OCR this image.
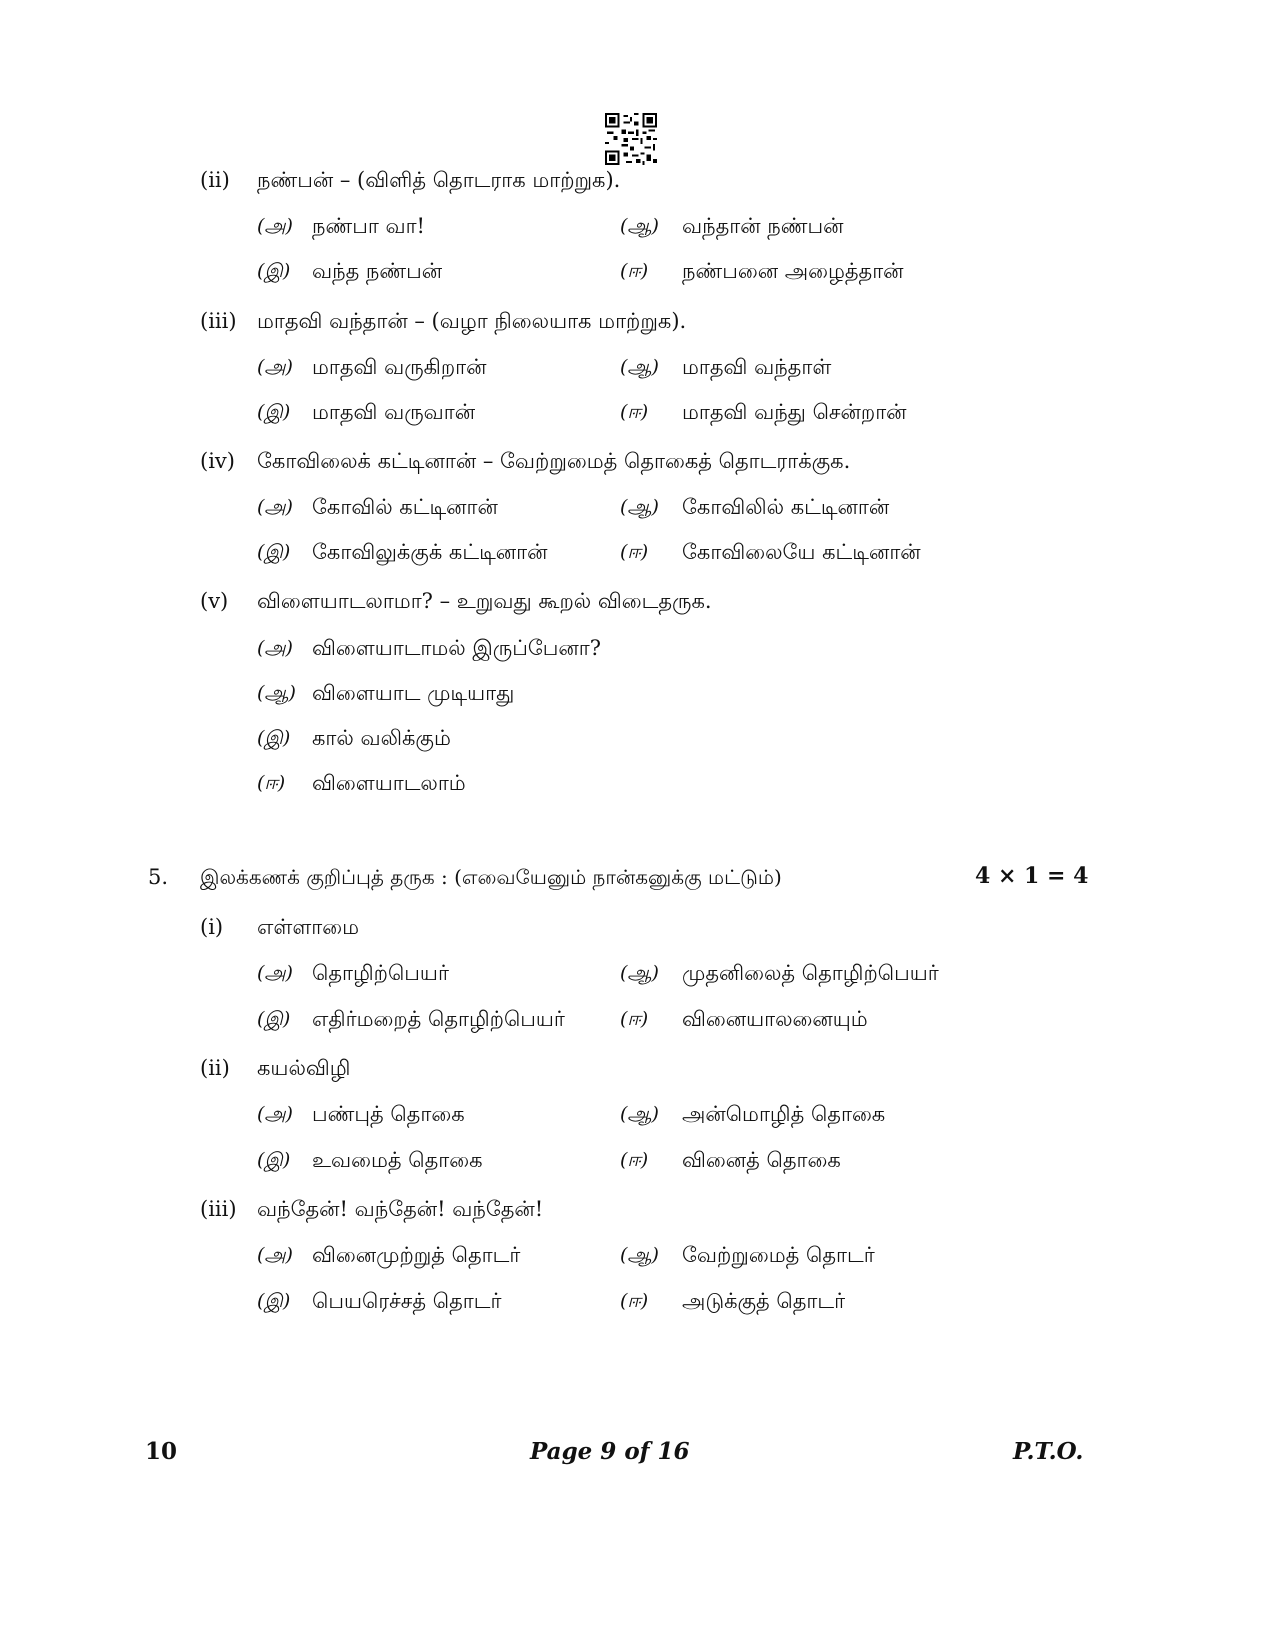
(ii) நண்பன் – (விளித் தொடராக மாற்றுக).
(அ) நண்பா வா!	(ஆ) வந்தான் நண்பன்
(இ) வந்த நண்பன்	(ஈ) நண்பனை அழைத்தான்
(iii) மாதவி வந்தான் – (வழா நிலையாக மாற்றுக).
(அ) மாதவி வருகிறான்	(ஆ) மாதவி வந்தாள்
(இ) மாதவி வருவான்	(ஈ) மாதவி வந்து சென்றான்
(iv) கோவிலைக் கட்டினான் – வேற்றுமைத் தொகைத் தொடராக்குக.
(அ) கோவில் கட்டினான்	(ஆ) கோவிலில் கட்டினான்
(இ) கோவிலுக்குக் கட்டினான்	(ஈ) கோவிலையே கட்டினான்
(v) விளையாடலாமா? – உறுவது கூறல் விடைதருக.
(அ) விளையாடாமல் இருப்பேனா?
(ஆ) விளையாட முடியாது
(இ) கால் வலிக்கும்
(ஈ) விளையாடலாம்
5. இலக்கணக் குறிப்புத் தருக : (எவையேனும் நான்கனுக்கு மட்டும்)	4 × 1 = 4
(i) எள்ளாமை
(அ) தொழிற்பெயர்	(ஆ) முதனிலைத் தொழிற்பெயர்
(இ) எதிர்மறைத் தொழிற்பெயர்	(ஈ) வினையாலனையும்
(ii) கயல்விழி
(அ) பண்புத் தொகை	(ஆ) அன்மொழித் தொகை
(இ) உவமைத் தொகை	(ஈ) வினைத் தொகை
(iii) வந்தேன்! வந்தேன்! வந்தேன்!
(அ) வினைமுற்றுத் தொடர்	(ஆ) வேற்றுமைத் தொடர்
(இ) பெயரெச்சத் தொடர்	(ஈ) அடுக்குத் தொடர்
10	Page 9 of 16	P.T.O.
